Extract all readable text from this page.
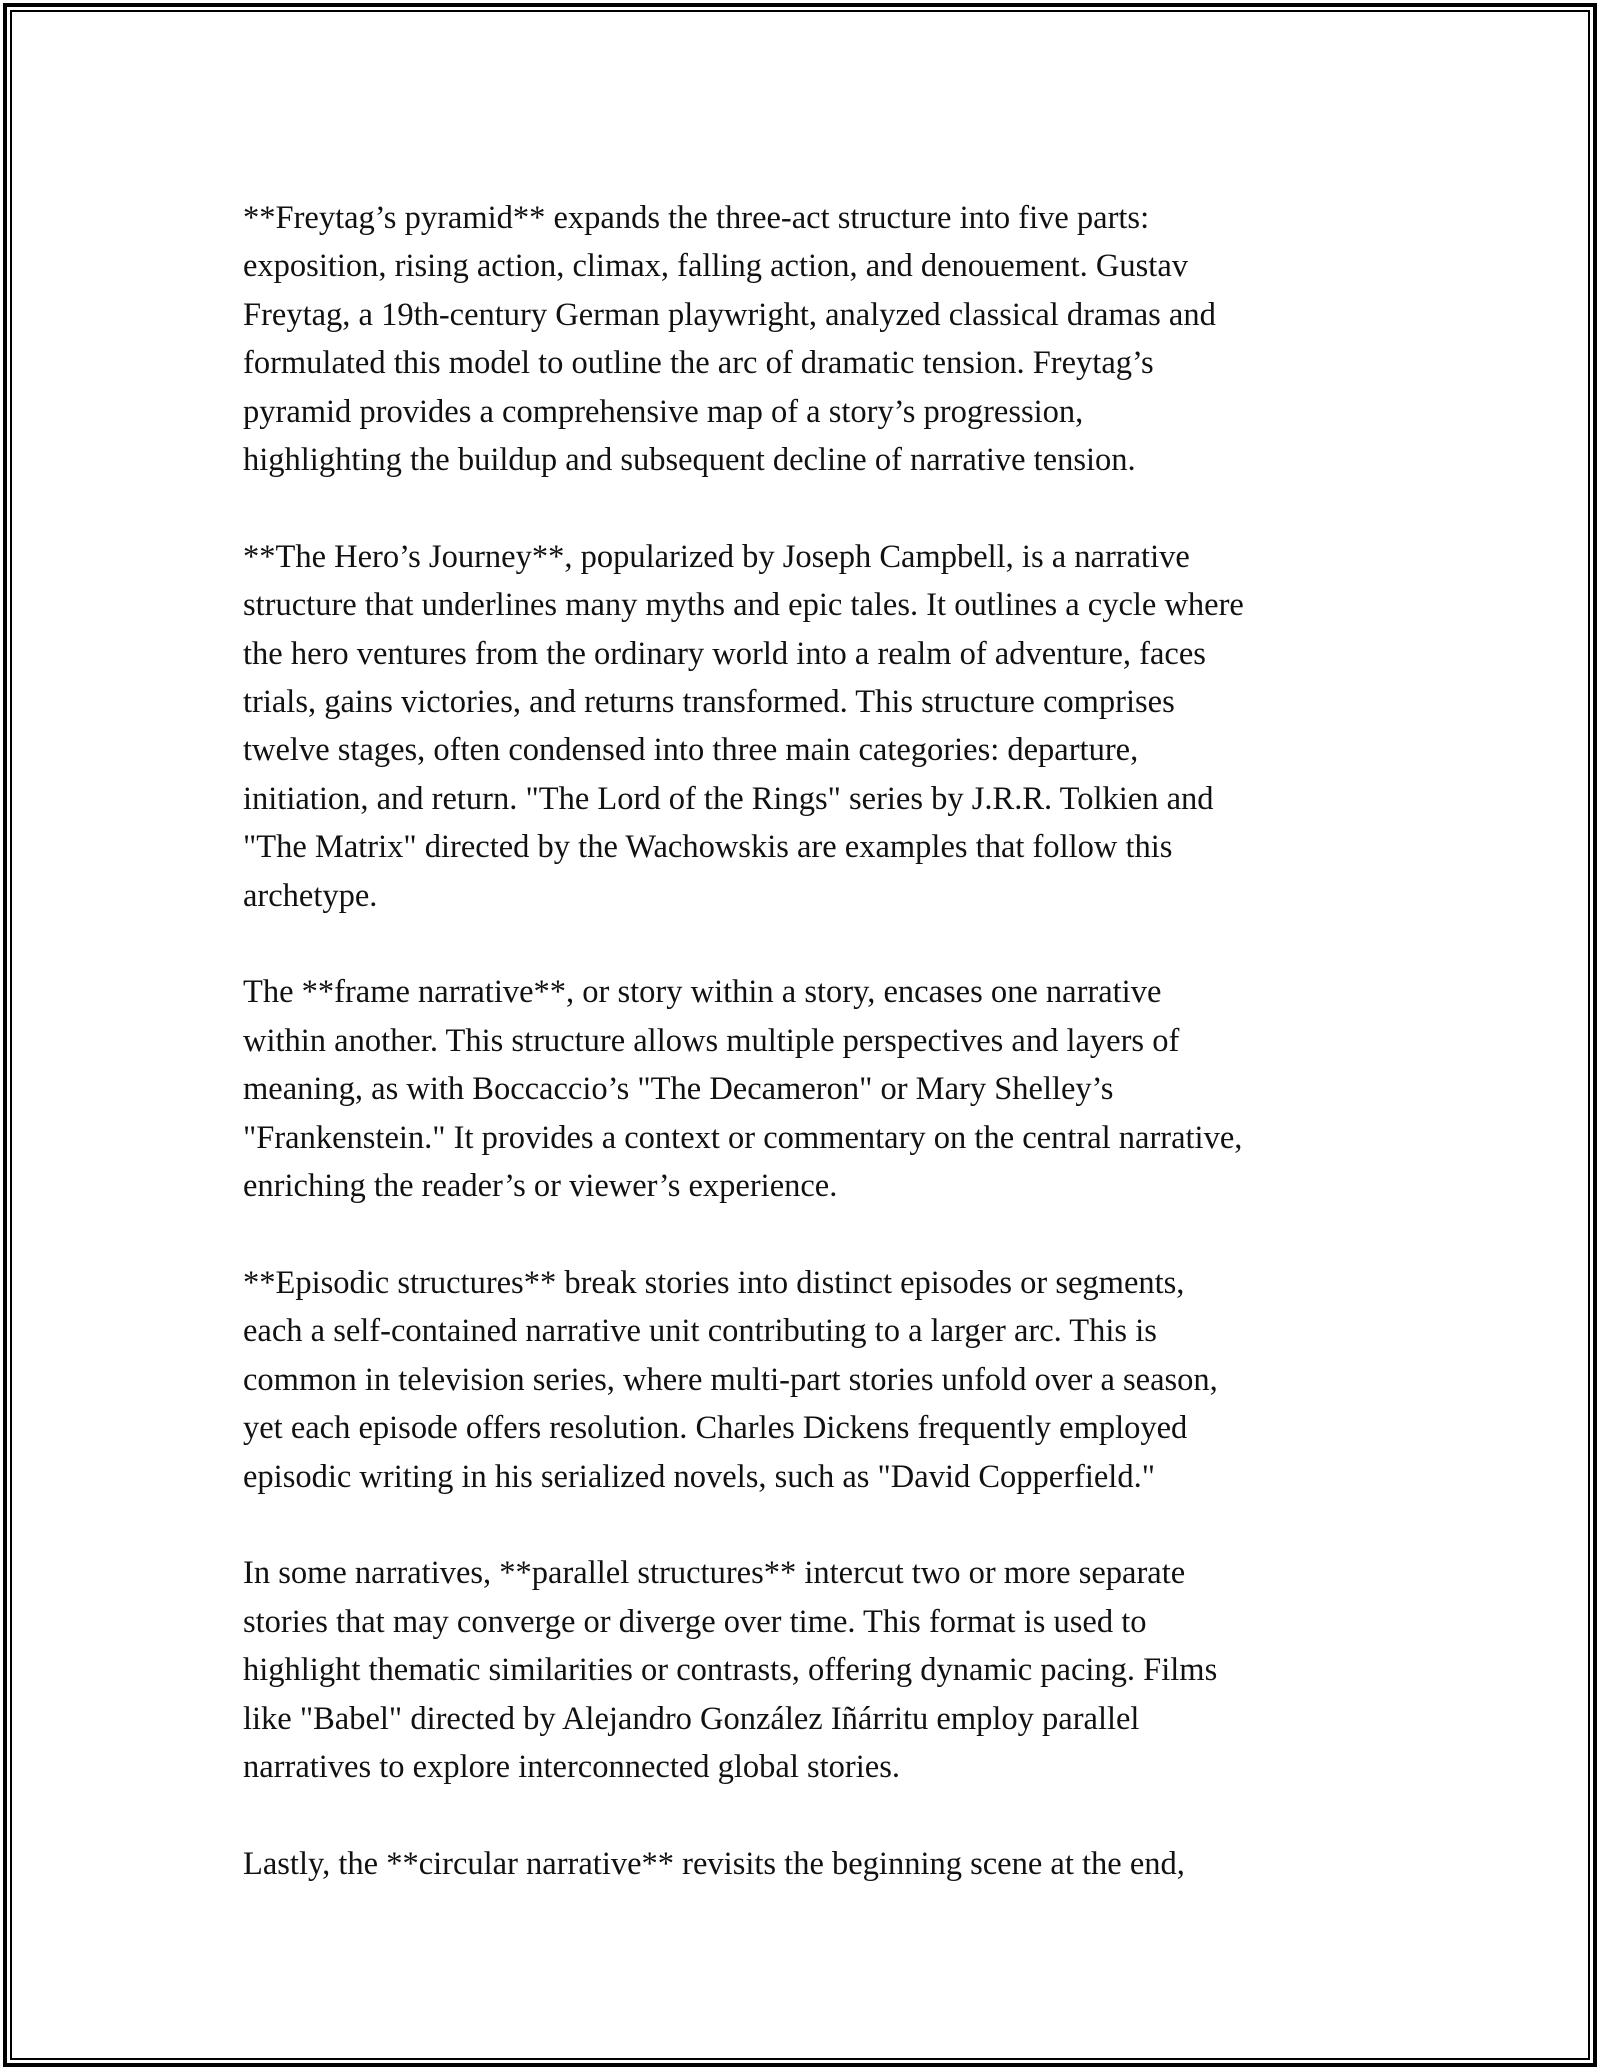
**Freytag’s pyramid** expands the three-act structure into five parts:
exposition, rising action, climax, falling action, and denouement. Gustav
Freytag, a 19th-century German playwright, analyzed classical dramas and
formulated this model to outline the arc of dramatic tension. Freytag’s
pyramid provides a comprehensive map of a story’s progression,
highlighting the buildup and subsequent decline of narrative tension.

**The Hero’s Journey**, popularized by Joseph Campbell, is a narrative
structure that underlines many myths and epic tales. It outlines a cycle where
the hero ventures from the ordinary world into a realm of adventure, faces
trials, gains victories, and returns transformed. This structure comprises
twelve stages, often condensed into three main categories: departure,
initiation, and return. "The Lord of the Rings" series by J.R.R. Tolkien and
"The Matrix" directed by the Wachowskis are examples that follow this
archetype.

The **frame narrative**, or story within a story, encases one narrative
within another. This structure allows multiple perspectives and layers of
meaning, as with Boccaccio’s "The Decameron" or Mary Shelley’s
"Frankenstein." It provides a context or commentary on the central narrative,
enriching the reader’s or viewer’s experience.

**Episodic structures** break stories into distinct episodes or segments,
each a self-contained narrative unit contributing to a larger arc. This is
common in television series, where multi-part stories unfold over a season,
yet each episode offers resolution. Charles Dickens frequently employed
episodic writing in his serialized novels, such as "David Copperfield."

In some narratives, **parallel structures** intercut two or more separate
stories that may converge or diverge over time. This format is used to
highlight thematic similarities or contrasts, offering dynamic pacing. Films
like "Babel" directed by Alejandro González Iñárritu employ parallel
narratives to explore interconnected global stories.

Lastly, the **circular narrative** revisits the beginning scene at the end,
